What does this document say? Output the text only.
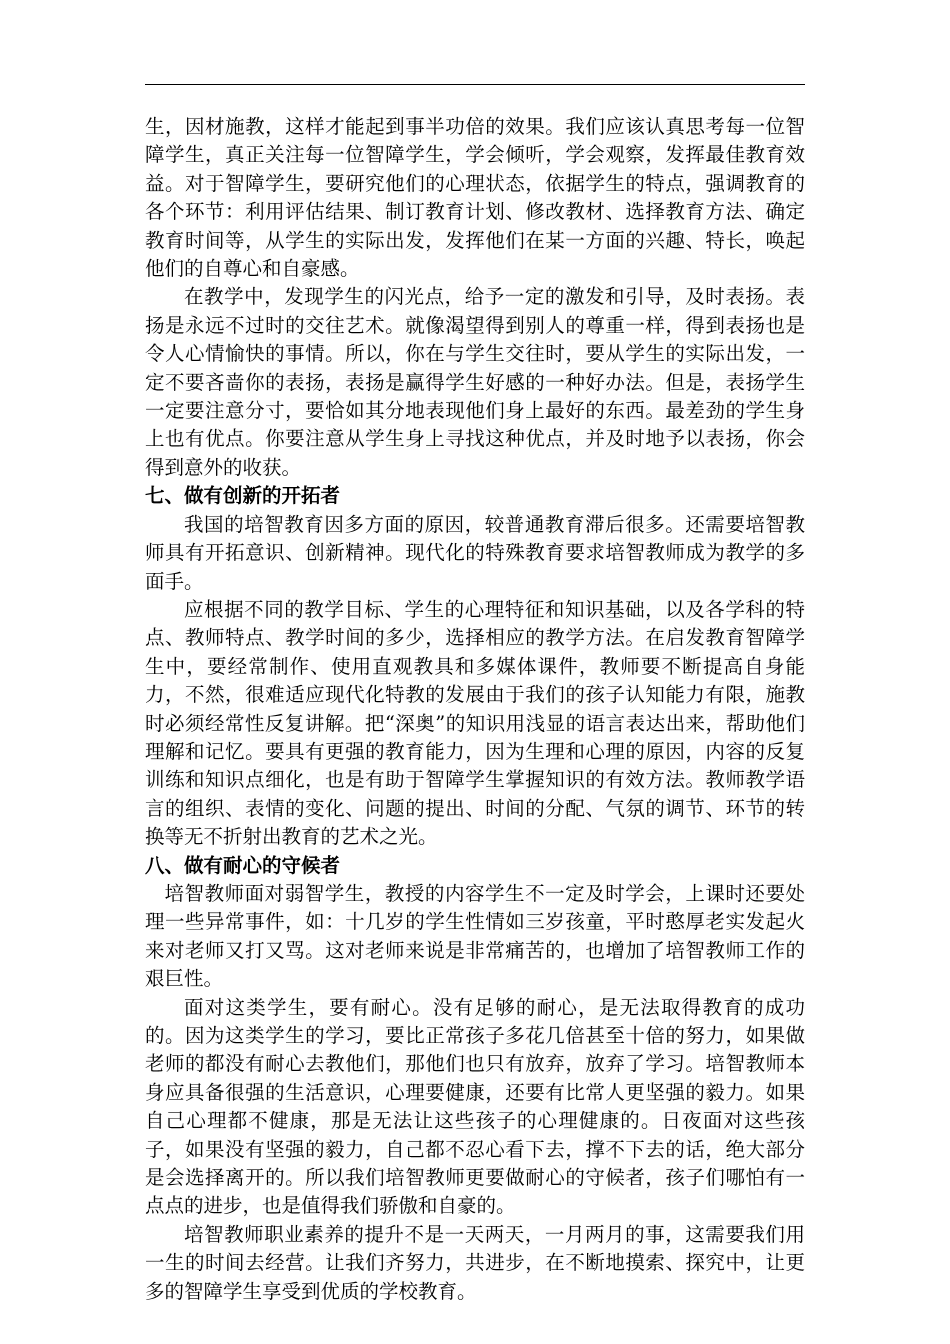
生，因材施教，这样才能起到事半功倍的效果。我们应该认真思考每一位智障学生，真正关注每一位智障学生，学会倾听，学会观察，发挥最佳教育效益。对于智障学生，要研究他们的心理状态，依据学生的特点，强调教育的各个环节：利用评估结果、制订教育计划、修改教材、选择教育方法、确定教育时间等，从学生的实际出发，发挥他们在某一方面的兴趣、特长，唤起他们的自尊心和自豪感。

在教学中，发现学生的闪光点，给予一定的激发和引导，及时表扬。表扬是永远不过时的交往艺术。就像渴望得到别人的尊重一样，得到表扬也是令人心情愉快的事情。所以，你在与学生交往时，要从学生的实际出发，一定不要吝啬你的表扬，表扬是赢得学生好感的一种好办法。但是，表扬学生一定要注意分寸，要恰如其分地表现他们身上最好的东西。最差劲的学生身上也有优点。你要注意从学生身上寻找这种优点，并及时地予以表扬，你会得到意外的收获。

七、做有创新的开拓者

我国的培智教育因多方面的原因，较普通教育滞后很多。还需要培智教师具有开拓意识、创新精神。现代化的特殊教育要求培智教师成为教学的多面手。

应根据不同的教学目标、学生的心理特征和知识基础，以及各学科的特点、教师特点、教学时间的多少，选择相应的教学方法。在启发教育智障学生中，要经常制作、使用直观教具和多媒体课件，教师要不断提高自身能力，不然，很难适应现代化特教的发展由于我们的孩子认知能力有限，施教时必须经常性反复讲解。把“深奥”的知识用浅显的语言表达出来，帮助他们理解和记忆。要具有更强的教育能力，因为生理和心理的原因，内容的反复训练和知识点细化，也是有助于智障学生掌握知识的有效方法。教师教学语言的组织、表情的变化、问题的提出、时间的分配、气氛的调节、环节的转换等无不折射出教育的艺术之光。

八、做有耐心的守候者

培智教师面对弱智学生，教授的内容学生不一定及时学会，上课时还要处理一些异常事件，如：十几岁的学生性情如三岁孩童，平时憨厚老实发起火来对老师又打又骂。这对老师来说是非常痛苦的，也增加了培智教师工作的艰巨性。

面对这类学生，要有耐心。没有足够的耐心，是无法取得教育的成功的。因为这类学生的学习，要比正常孩子多花几倍甚至十倍的努力，如果做老师的都没有耐心去教他们，那他们也只有放弃，放弃了学习。培智教师本身应具备很强的生活意识，心理要健康，还要有比常人更坚强的毅力。如果自己心理都不健康，那是无法让这些孩子的心理健康的。日夜面对这些孩子，如果没有坚强的毅力，自己都不忍心看下去，撑不下去的话，绝大部分是会选择离开的。所以我们培智教师更要做耐心的守候者，孩子们哪怕有一点点的进步，也是值得我们骄傲和自豪的。

培智教师职业素养的提升不是一天两天，一月两月的事，这需要我们用一生的时间去经营。让我们齐努力，共进步，在不断地摸索、探究中，让更多的智障学生享受到优质的学校教育。
